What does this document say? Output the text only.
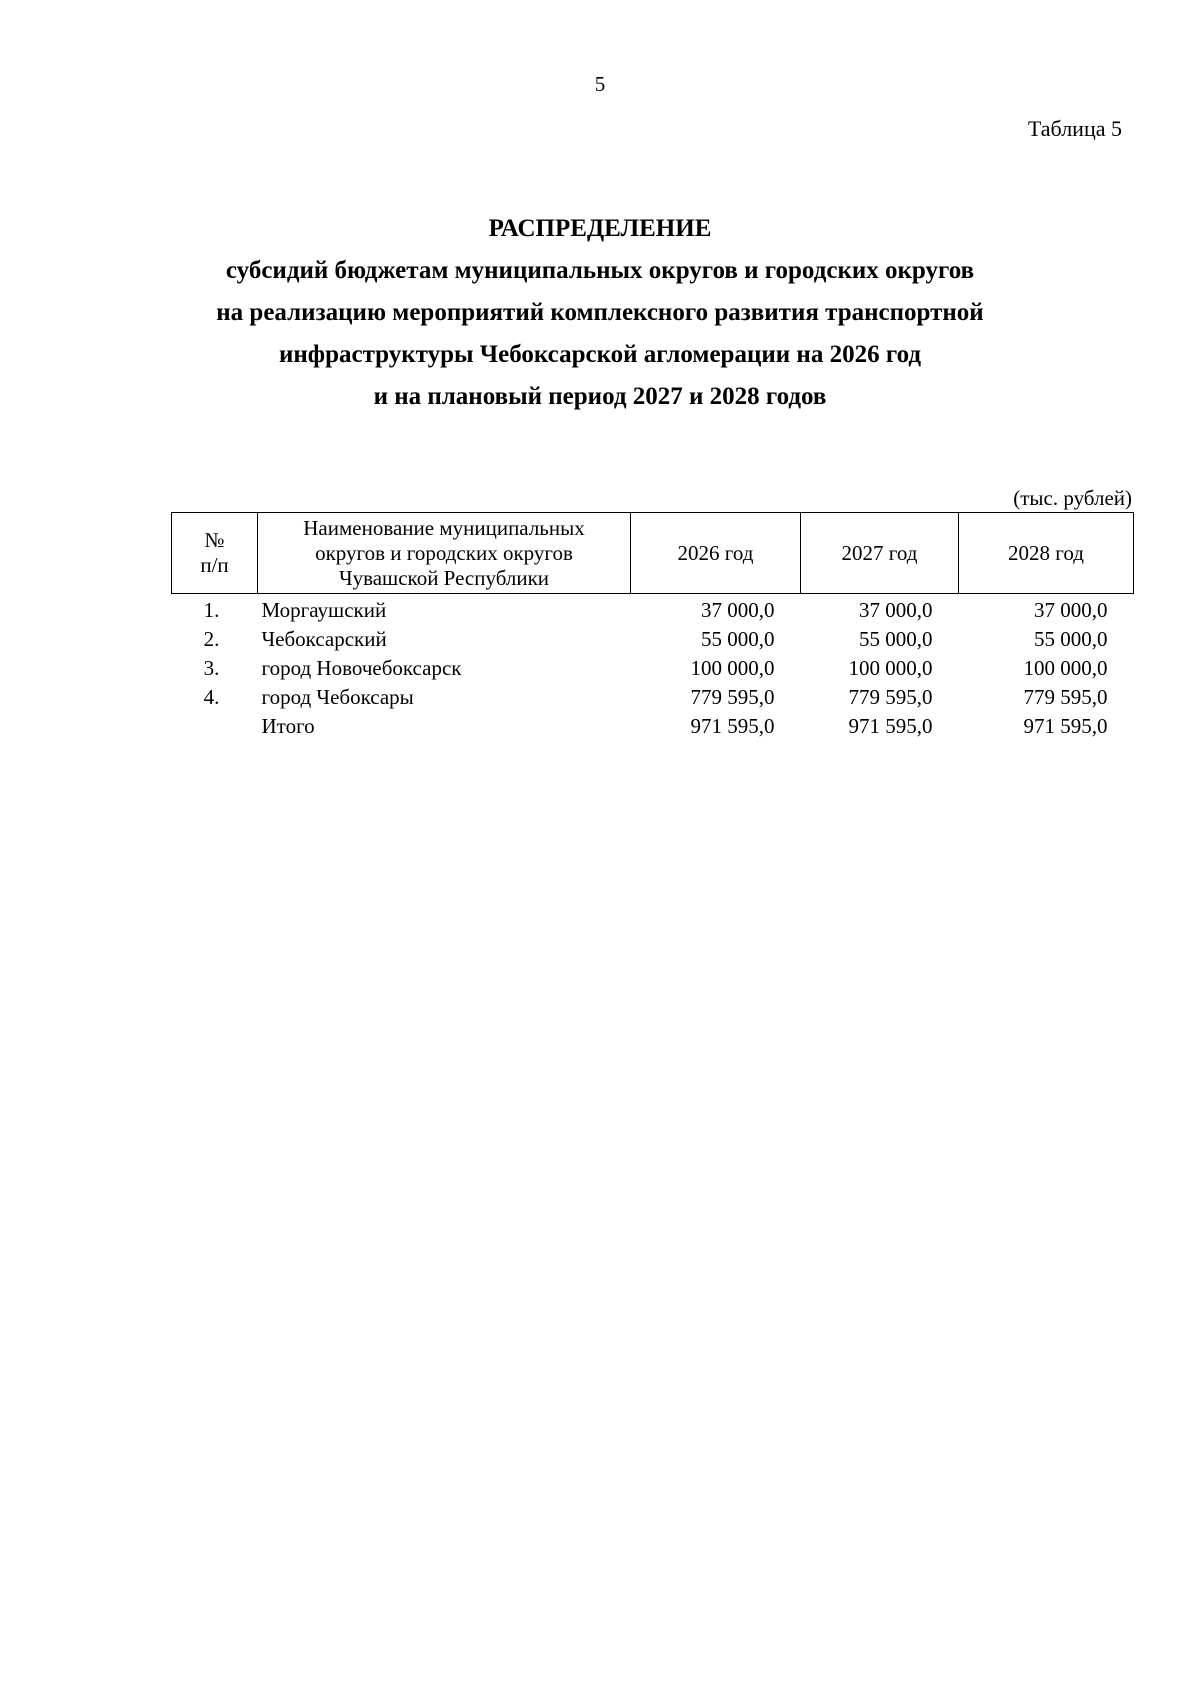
5
Таблица 5
РАСПРЕДЕЛЕНИЕ
субсидий бюджетам муниципальных округов и городских округов
на реализацию мероприятий комплексного развития транспортной
инфраструктуры Чебоксарской агломерации на 2026 год
и на плановый период 2027 и 2028 годов
(тыс. рублей)
№
п/п	Наименование муниципальных
округов и городских округов
Чувашской Республики	2026 год	2027 год	2028 год
1.	Моргаушский	37 000,0	37 000,0	37 000,0
2.	Чебоксарский	55 000,0	55 000,0	55 000,0
3.	город Новочебоксарск	100 000,0	100 000,0	100 000,0
4.	город Чебоксары	779 595,0	779 595,0	779 595,0
	Итого	971 595,0	971 595,0	971 595,0
